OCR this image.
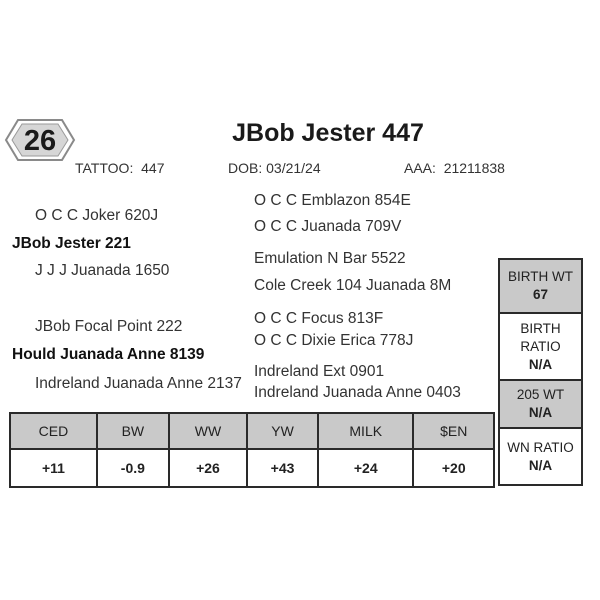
26	JBob Jester 447
TATTOO: 447	DOB: 03/21/24	AAA: 21211838
O C C Joker 620J
JBob Jester 221
J J J Juanada 1650
O C C Emblazon 854E
O C C Juanada 709V
Emulation N Bar 5522
Cole Creek 104 Juanada 8M
JBob Focal Point 222
Hould Juanada Anne 8139
Indreland Juanada Anne 2137
O C C Focus 813F
O C C Dixie Erica 778J
Indreland Ext 0901
Indreland Juanada Anne 0403
CED	BW	WW	YW	MILK	$EN
+11	-0.9	+26	+43	+24	+20
BIRTH WT
67

BIRTH
RATIO
N/A

205 WT
N/A

WN RATIO
N/A
